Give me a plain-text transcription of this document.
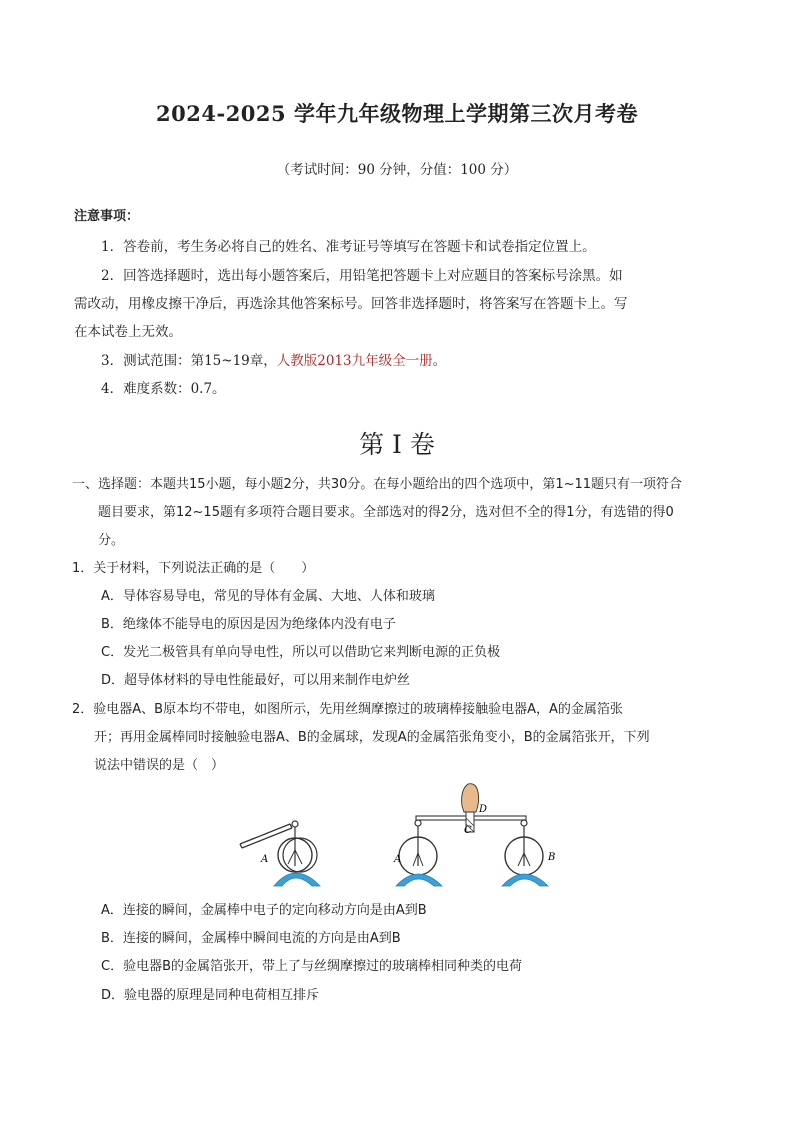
2024-2025 学年九年级物理上学期第三次月考卷
（考试时间：90 分钟，分值：100 分）
注意事项：
1．答卷前，考生务必将自己的姓名、准考证号等填写在答题卡和试卷指定位置上。
2．回答选择题时，选出每小题答案后，用铅笔把答题卡上对应题目的答案标号涂黑。如
需改动，用橡皮擦干净后，再选涂其他答案标号。回答非选择题时，将答案写在答题卡上。写
在本试卷上无效。
3．测试范围：第15~19章，人教版2013九年级全一册。
4．难度系数：0.7。
第 I 卷
一、选择题：本题共15小题，每小题2分，共30分。在每小题给出的四个选项中，第1~11题只有一项符合
题目要求，第12~15题有多项符合题目要求。全部选对的得2分，选对但不全的得1分，有选错的得0
分。
1．关于材料，下列说法正确的是（　　）
A．导体容易导电，常见的导体有金属、大地、人体和玻璃
B．绝缘体不能导电的原因是因为绝缘体内没有电子
C．发光二极管具有单向导电性，所以可以借助它来判断电源的正负极
D．超导体材料的导电性能最好，可以用来制作电炉丝
2．验电器A、B原本均不带电，如图所示，先用丝绸摩擦过的玻璃棒接触验电器A，A的金属箔张
开；再用金属棒同时接触验电器A、B的金属球，发现A的金属箔张角变小，B的金属箔张开，下列
说法中错误的是（　）
A	A	B
C
D
A．连接的瞬间，金属棒中电子的定向移动方向是由A到B
B．连接的瞬间，金属棒中瞬间电流的方向是由A到B
C．验电器B的金属箔张开，带上了与丝绸摩擦过的玻璃棒相同种类的电荷
D．验电器的原理是同种电荷相互排斥
